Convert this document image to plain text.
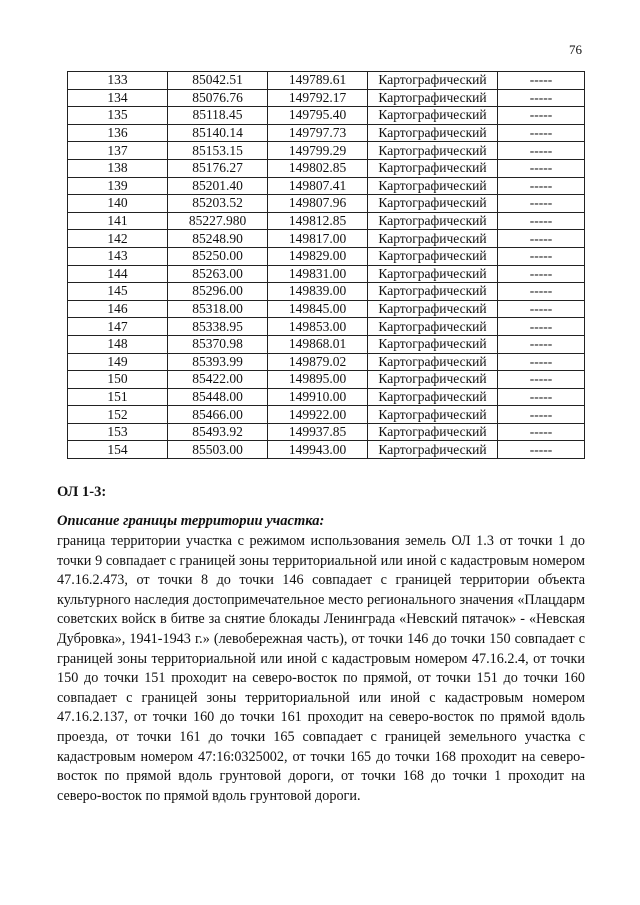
76
133	85042.51	149789.61	Картографический	-----
134	85076.76	149792.17	Картографический	-----
135	85118.45	149795.40	Картографический	-----
136	85140.14	149797.73	Картографический	-----
137	85153.15	149799.29	Картографический	-----
138	85176.27	149802.85	Картографический	-----
139	85201.40	149807.41	Картографический	-----
140	85203.52	149807.96	Картографический	-----
141	85227.980	149812.85	Картографический	-----
142	85248.90	149817.00	Картографический	-----
143	85250.00	149829.00	Картографический	-----
144	85263.00	149831.00	Картографический	-----
145	85296.00	149839.00	Картографический	-----
146	85318.00	149845.00	Картографический	-----
147	85338.95	149853.00	Картографический	-----
148	85370.98	149868.01	Картографический	-----
149	85393.99	149879.02	Картографический	-----
150	85422.00	149895.00	Картографический	-----
151	85448.00	149910.00	Картографический	-----
152	85466.00	149922.00	Картографический	-----
153	85493.92	149937.85	Картографический	-----
154	85503.00	149943.00	Картографический	-----
ОЛ 1-3:
Описание границы территории участка:

граница территории участка с режимом использования земель ОЛ 1.3 от точки 1 до точки 9 совпадает с границей зоны территориальной или иной с кадастровым номером 47.16.2.473, от точки 8 до точки 146 совпадает с границей территории объекта культурного наследия достопримечательное место регионального значения «Плацдарм советских войск в битве за снятие блокады Ленинграда «Невский пятачок» - «Невская Дубровка», 1941-1943 г.» (левобережная часть), от точки 146 до точки 150 совпадает с границей зоны территориальной или иной с кадастровым номером 47.16.2.4, от точки 150 до точки 151 проходит на северо-восток по прямой, от точки 151 до точки 160 совпадает с границей зоны территориальной или иной с кадастровым номером 47.16.2.137, от точки 160 до точки 161 проходит на северо-восток по прямой вдоль проезда, от точки 161 до точки 165 совпадает с границей земельного участка с кадастровым номером 47:16:0325002, от точки 165 до точки 168 проходит на северо-восток по прямой вдоль грунтовой дороги, от точки 168 до точки 1 проходит на северо-восток по прямой вдоль грунтовой дороги.
